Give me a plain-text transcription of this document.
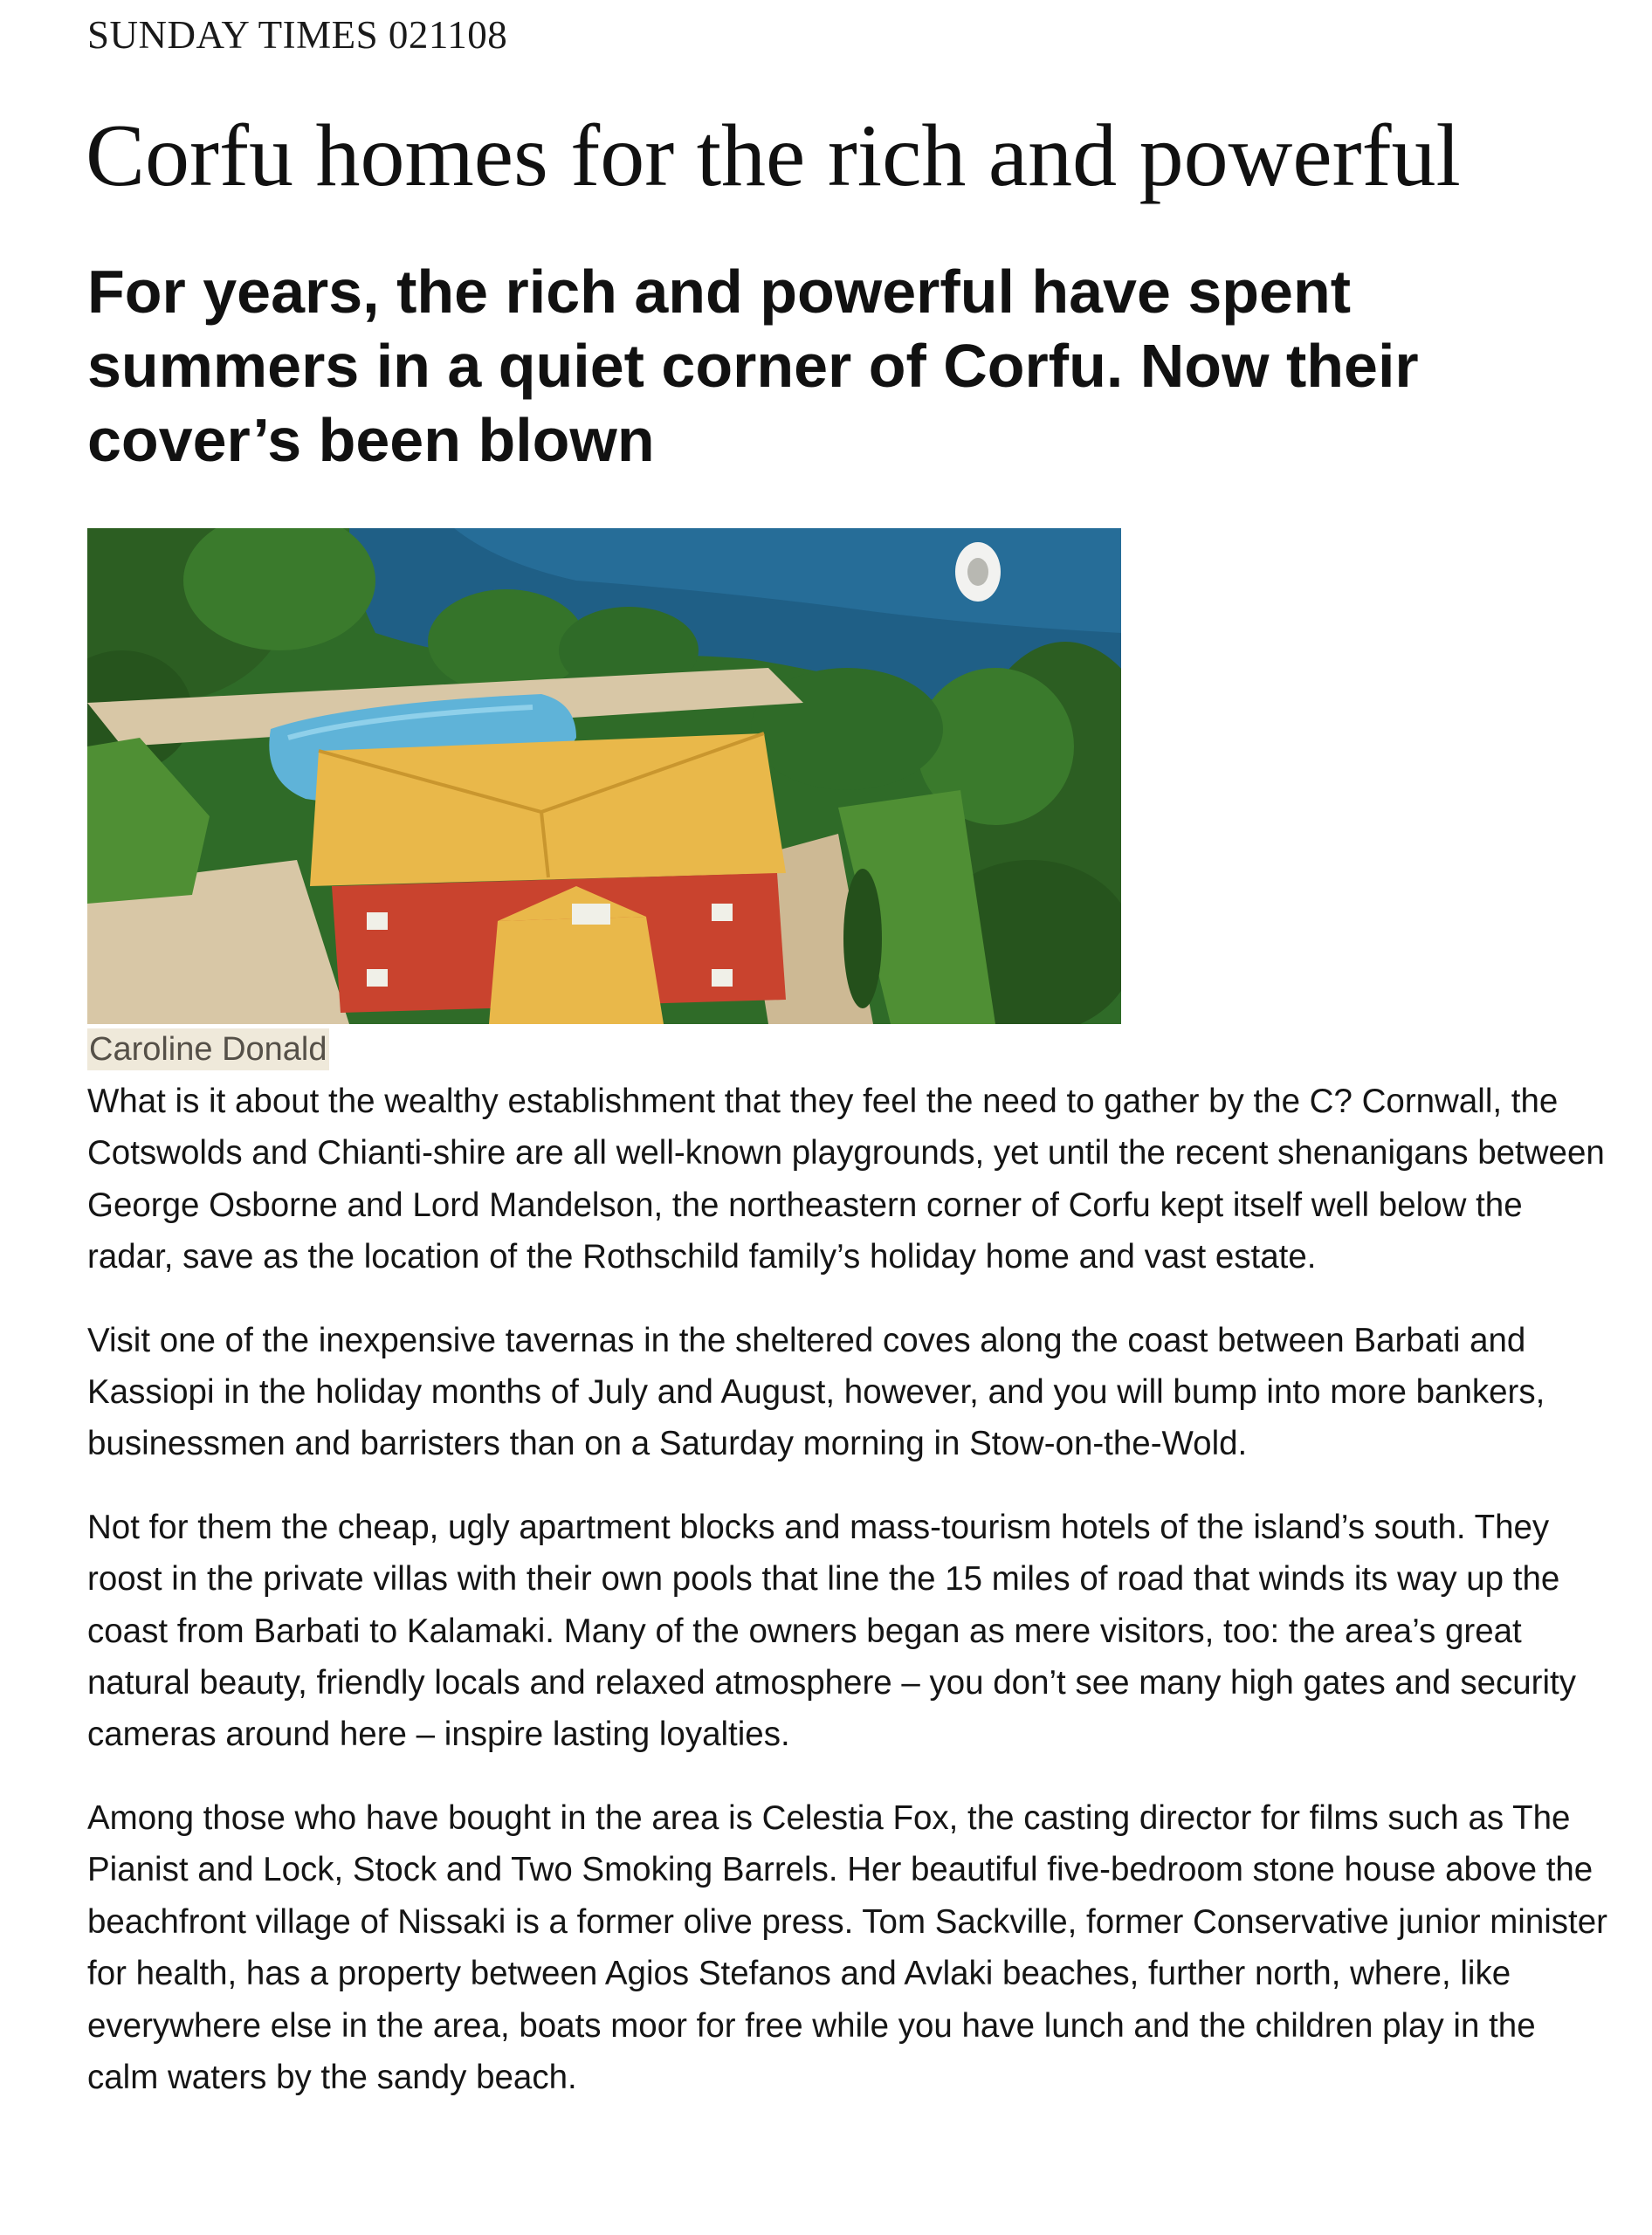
SUNDAY TIMES 021108
Corfu homes for the rich and powerful
For years, the rich and powerful have spent summers in a quiet corner of Corfu. Now their cover’s been blown
Caroline Donald

What is it about the wealthy establishment that they feel the need to gather by the C? Cornwall, the Cotswolds and Chianti-shire are all well-known playgrounds, yet until the recent shenanigans between George Osborne and Lord Mandelson, the northeastern corner of Corfu kept itself well below the radar, save as the location of the Rothschild family’s holiday home and vast estate.

Visit one of the inexpensive tavernas in the sheltered coves along the coast between Barbati and Kassiopi in the holiday months of July and August, however, and you will bump into more bankers, businessmen and barristers than on a Saturday morning in Stow-on-the-Wold.

Not for them the cheap, ugly apartment blocks and mass-tourism hotels of the island’s south. They roost in the private villas with their own pools that line the 15 miles of road that winds its way up the coast from Barbati to Kalamaki. Many of the owners began as mere visitors, too: the area’s great natural beauty, friendly locals and relaxed atmosphere – you don’t see many high gates and security cameras around here – inspire lasting loyalties.

Among those who have bought in the area is Celestia Fox, the casting director for films such as The Pianist and Lock, Stock and Two Smoking Barrels. Her beautiful five-bedroom stone house above the beachfront village of Nissaki is a former olive press. Tom Sackville, former Conservative junior minister for health, has a property between Agios Stefanos and Avlaki beaches, further north, where, like everywhere else in the area, boats moor for free while you have lunch and the children play in the calm waters by the sandy beach.
